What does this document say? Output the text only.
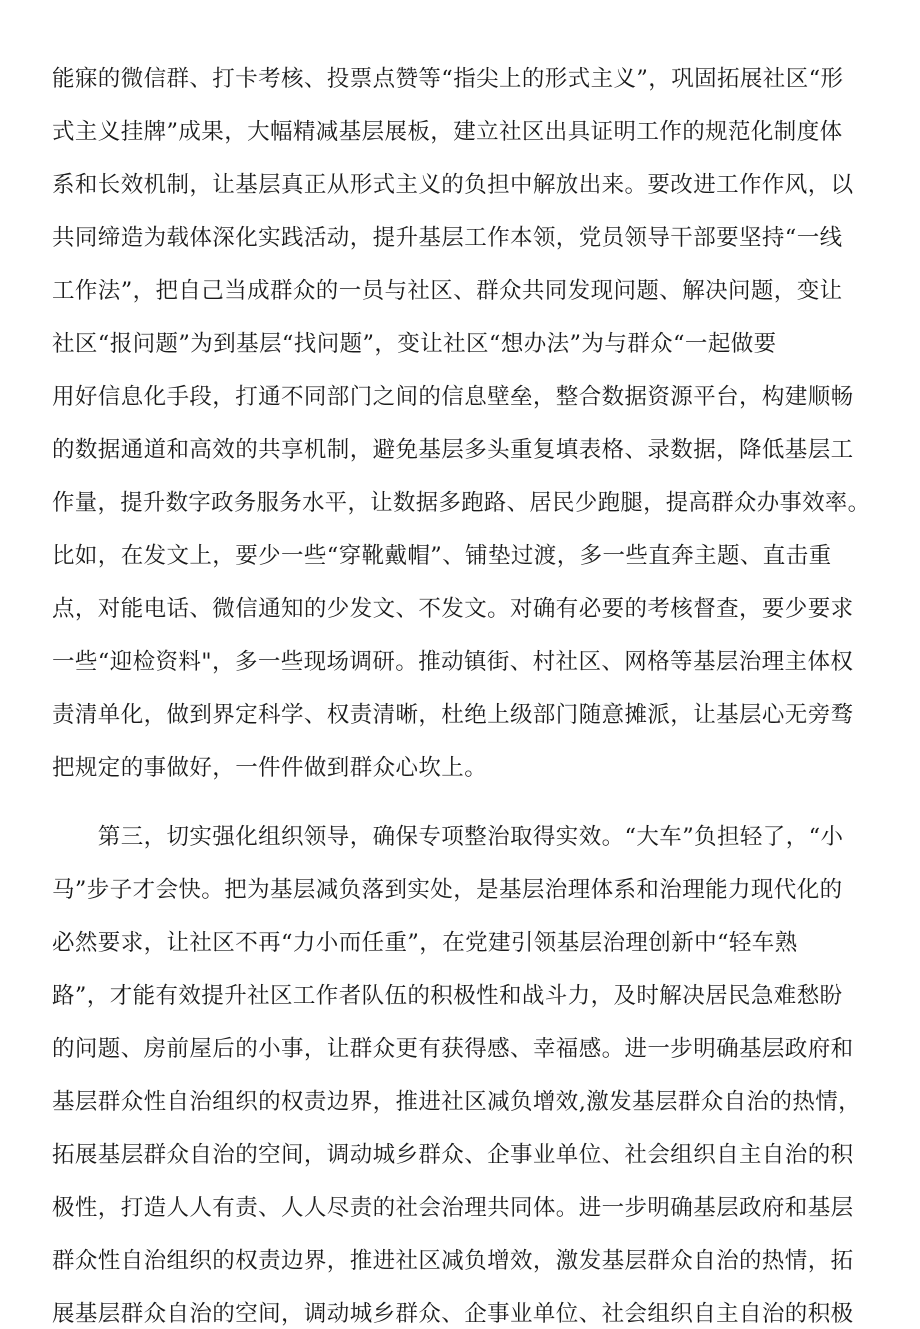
能寐的微信群、打卡考核、投票点赞等“指尖上的形式主义”，巩固拓展社区“形
式主义挂牌”成果，大幅精减基层展板，建立社区出具证明工作的规范化制度体
系和长效机制，让基层真正从形式主义的负担中解放出来。要改进工作作风，以
共同缔造为载体深化实践活动，提升基层工作本领，党员领导干部要坚持“一线
工作法”，把自己当成群众的一员与社区、群众共同发现问题、解决问题，变让
社区“报问题”为到基层“找问题”，变让社区“想办法”为与群众“一起做要
用好信息化手段，打通不同部门之间的信息壁垒，整合数据资源平台，构建顺畅
的数据通道和高效的共享机制，避免基层多头重复填表格、录数据，降低基层工
作量，提升数字政务服务水平，让数据多跑路、居民少跑腿，提高群众办事效率。
比如，在发文上，要少一些“穿靴戴帽”、铺垫过渡，多一些直奔主题、直击重
点，对能电话、微信通知的少发文、不发文。对确有必要的考核督查，要少要求
一些“迎检资料"，多一些现场调研。推动镇街、村社区、网格等基层治理主体权
责清单化，做到界定科学、权责清晰，杜绝上级部门随意摊派，让基层心无旁骛
把规定的事做好，一件件做到群众心坎上。
　　第三，切实强化组织领导，确保专项整治取得实效。“大车”负担轻了，“小
马”步子才会快。把为基层减负落到实处，是基层治理体系和治理能力现代化的
必然要求，让社区不再“力小而任重”，在党建引领基层治理创新中“轻车熟
路”，才能有效提升社区工作者队伍的积极性和战斗力，及时解决居民急难愁盼
的问题、房前屋后的小事，让群众更有获得感、幸福感。进一步明确基层政府和
基层群众性自治组织的权责边界，推进社区减负增效,激发基层群众自治的热情，
拓展基层群众自治的空间，调动城乡群众、企事业单位、社会组织自主自治的积
极性，打造人人有责、人人尽责的社会治理共同体。进一步明确基层政府和基层
群众性自治组织的权责边界，推进社区减负增效，激发基层群众自治的热情，拓
展基层群众自治的空间，调动城乡群众、企事业单位、社会组织自主自治的积极
